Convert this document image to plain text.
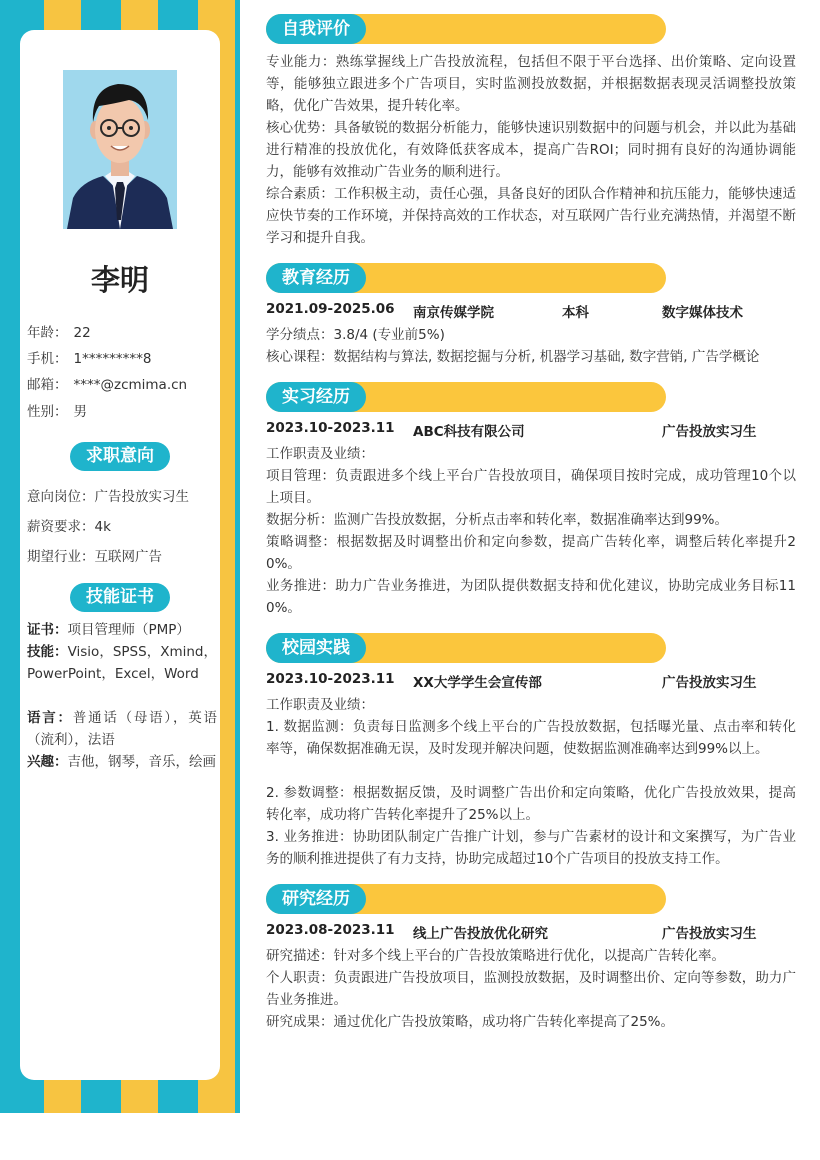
李明
年龄： 22
手机： 1*********8
邮箱： ****@zcmima.cn
性别： 男
求职意向
意向岗位：广告投放实习生
薪资要求：4k
期望行业：互联网广告
技能证书
证书：项目管理师（PMP）
技能：Visio，SPSS，Xmind，PowerPoint，Excel，Word
语言：普通话（母语），英语（流利），法语
兴趣：吉他，钢琴，音乐，绘画
自我评价
专业能力：熟练掌握线上广告投放流程，包括但不限于平台选择、出价策略、定向设置等，能够独立跟进多个广告项目，实时监测投放数据，并根据数据表现灵活调整投放策略，优化广告效果，提升转化率。
核心优势：具备敏锐的数据分析能力，能够快速识别数据中的问题与机会，并以此为基础进行精准的投放优化，有效降低获客成本，提高广告ROI；同时拥有良好的沟通协调能力，能够有效推动广告业务的顺利进行。
综合素质：工作积极主动，责任心强，具备良好的团队合作精神和抗压能力，能够快速适应快节奏的工作环境，并保持高效的工作状态，对互联网广告行业充满热情，并渴望不断学习和提升自我。
教育经历
2021.09-2025.06 南京传媒学院	本科	数字媒体技术
学分绩点：3.8/4 (专业前5%)
核心课程：数据结构与算法, 数据挖掘与分析, 机器学习基础, 数字营销, 广告学概论
实习经历
2023.10-2023.11 ABC科技有限公司	广告投放实习生
工作职责及业绩：
项目管理：负责跟进多个线上平台广告投放项目，确保项目按时完成，成功管理10个以上项目。
数据分析：监测广告投放数据，分析点击率和转化率，数据准确率达到99%。
策略调整：根据数据及时调整出价和定向参数，提高广告转化率，调整后转化率提升20%。
业务推进：助力广告业务推进，为团队提供数据支持和优化建议，协助完成业务目标110%。
校园实践
2023.10-2023.11 XX大学学生会宣传部	广告投放实习生
工作职责及业绩：
1. 数据监测：负责每日监测多个线上平台的广告投放数据，包括曝光量、点击率和转化率等，确保数据准确无误，及时发现并解决问题，使数据监测准确率达到99%以上。
2. 参数调整：根据数据反馈，及时调整广告出价和定向策略，优化广告投放效果，提高转化率，成功将广告转化率提升了25%以上。
3. 业务推进：协助团队制定广告推广计划，参与广告素材的设计和文案撰写，为广告业务的顺利推进提供了有力支持，协助完成超过10个广告项目的投放支持工作。
研究经历
2023.08-2023.11 线上广告投放优化研究	广告投放实习生
研究描述：针对多个线上平台的广告投放策略进行优化，以提高广告转化率。
个人职责：负责跟进广告投放项目，监测投放数据，及时调整出价、定向等参数，助力广告业务推进。
研究成果：通过优化广告投放策略，成功将广告转化率提高了25%。
